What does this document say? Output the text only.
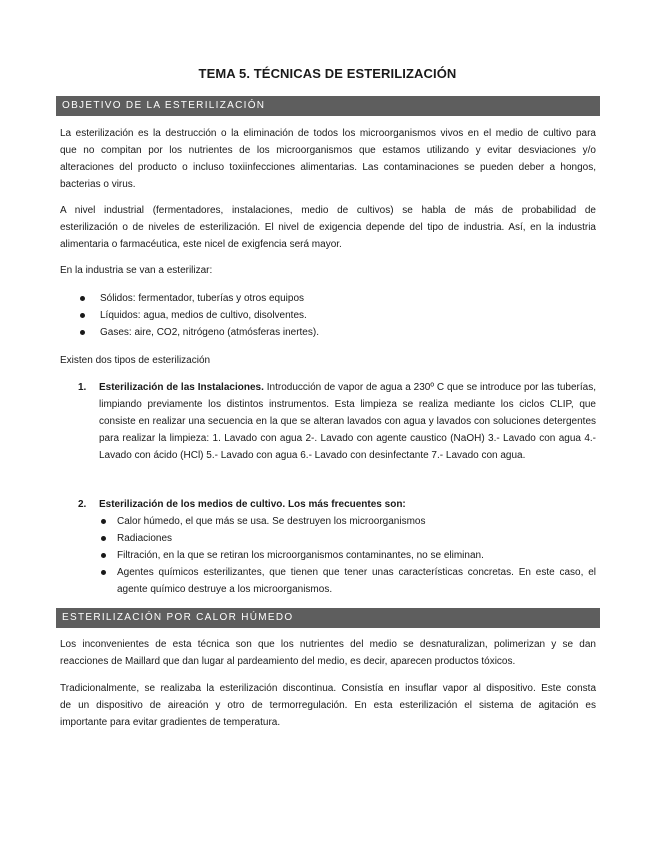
TEMA 5. TÉCNICAS DE ESTERILIZACIÓN
OBJETIVO DE LA ESTERILIZACIÓN
La esterilización es la destrucción o la eliminación de todos los microorganismos vivos en el medio de cultivo para
que no compitan por los nutrientes de los microorganismos que estamos utilizando y evitar desviaciones y/o
alteraciones del producto o incluso toxiinfecciones alimentarias. Las contaminaciones se pueden deber a hongos,
bacterias o virus.
A nivel industrial (fermentadores, instalaciones, medio de cultivos) se habla de más de probabilidad de
esterilización o de niveles de esterilización. El nivel de exigencia depende del tipo de industria. Así, en la industria
alimentaria o farmacéutica, este nicel de exigfencia será mayor.
En la industria se van a esterilizar:
Sólidos: fermentador, tuberías y otros equipos
Líquidos: agua, medios de cultivo, disolventes.
Gases: aire, CO2, nitrógeno (atmósferas inertes).
Existen dos tipos de esterilización
1. Esterilización de las Instalaciones. Introducción de vapor de agua a 230º C que se introduce por las tuberías, limpiando previamente los distintos instrumentos. Esta limpieza se realiza mediante los ciclos CLIP, que consiste en realizar una secuencia en la que se alteran lavados con agua y lavados con soluciones detergentes para realizar la limpieza: 1. Lavado con agua 2-. Lavado con agente caustico (NaOH) 3.- Lavado con agua 4.- Lavado con ácido (HCl) 5.- Lavado con agua 6.- Lavado con desinfectante 7.- Lavado con agua.
2. Esterilización de los medios de cultivo. Los más frecuentes son:
Calor húmedo, el que más se usa. Se destruyen los microorganismos
Radiaciones
Filtración, en la que se retiran los microorganismos contaminantes, no se eliminan.
Agentes químicos esterilizantes, que tienen que tener unas características concretas. En este caso, el agente químico destruye a los microorganismos.
ESTERILIZACIÓN POR CALOR HÚMEDO
Los inconvenientes de esta técnica son que los nutrientes del medio se desnaturalizan, polimerizan y se dan
reacciones de Maillard que dan lugar al pardeamiento del medio, es decir, aparecen productos tóxicos.
Tradicionalmente, se realizaba la esterilización discontinua. Consistía en insuflar vapor al dispositivo. Este consta
de un dispositivo de aireación y otro de termorregulación. En esta esterilización el sistema de agitación es
importante para evitar gradientes de temperatura.
